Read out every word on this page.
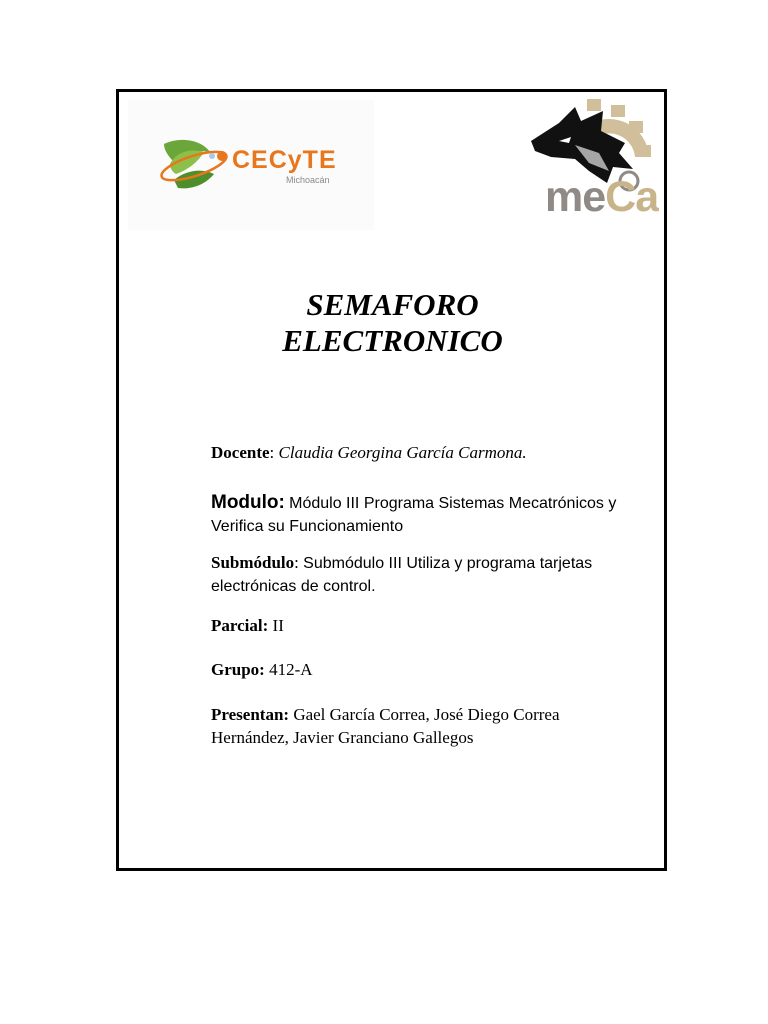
CECyTE
Michoacán	meCa
SEMAFORO
ELECTRONICO
Docente: Claudia Georgina García Carmona.
Modulo: Módulo III Programa Sistemas Mecatrónicos y Verifica su Funcionamiento
Submódulo: Submódulo III Utiliza y programa tarjetas electrónicas de control.
Parcial: II
Grupo: 412-A
Presentan: Gael García Correa, José Diego Correa Hernández, Javier Granciano Gallegos
